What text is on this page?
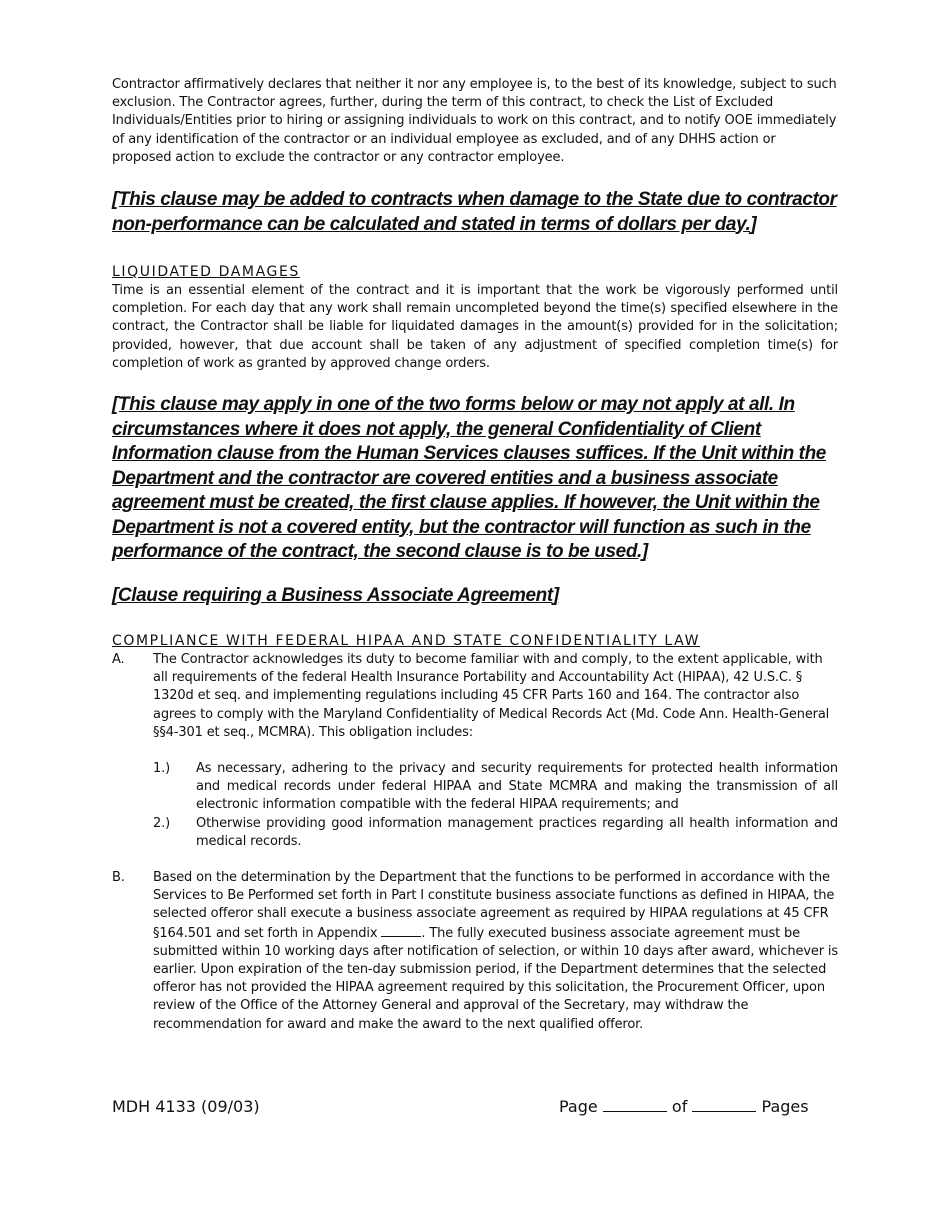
Contractor affirmatively declares that neither it nor any employee is, to the best of its knowledge, subject to such exclusion. The Contractor agrees, further, during the term of this contract, to check the List of Excluded Individuals/Entities prior to hiring or assigning individuals to work on this contract, and to notify OOE immediately of any identification of the contractor or an individual employee as excluded, and of any DHHS action or proposed action to exclude the contractor or any contractor employee.

[This clause may be added to contracts when damage to the State due to contractor non-performance can be calculated and stated in terms of dollars per day.]

LIQUIDATED DAMAGES

Time is an essential element of the contract and it is important that the work be vigorously performed until completion. For each day that any work shall remain uncompleted beyond the time(s) specified elsewhere in the contract, the Contractor shall be liable for liquidated damages in the amount(s) provided for in the solicitation; provided, however, that due account shall be taken of any adjustment of specified completion time(s) for completion of work as granted by approved change orders.

[This clause may apply in one of the two forms below or may not apply at all. In circumstances where it does not apply, the general Confidentiality of Client Information clause from the Human Services clauses suffices. If the Unit within the Department and the contractor are covered entities and a business associate agreement must be created, the first clause applies. If however, the Unit within the Department is not a covered entity, but the contractor will function as such in the performance of the contract, the second clause is to be used.]

[Clause requiring a Business Associate Agreement]

COMPLIANCE WITH FEDERAL HIPAA AND STATE CONFIDENTIALITY LAW

A. The Contractor acknowledges its duty to become familiar with and comply, to the extent applicable, with all requirements of the federal Health Insurance Portability and Accountability Act (HIPAA), 42 U.S.C. § 1320d et seq. and implementing regulations including 45 CFR Parts 160 and 164. The contractor also agrees to comply with the Maryland Confidentiality of Medical Records Act (Md. Code Ann. Health-General §§4-301 et seq., MCMRA). This obligation includes:
1.) As necessary, adhering to the privacy and security requirements for protected health information and medical records under federal HIPAA and State MCMRA and making the transmission of all electronic information compatible with the federal HIPAA requirements; and
2.) Otherwise providing good information management practices regarding all health information and medical records.
B. Based on the determination by the Department that the functions to be performed in accordance with the Services to Be Performed set forth in Part I constitute business associate functions as defined in HIPAA, the selected offeror shall execute a business associate agreement as required by HIPAA regulations at 45 CFR §164.501 and set forth in Appendix	. The fully executed business associate agreement must be submitted within 10 working days after notification of selection, or within 10 days after award, whichever is earlier. Upon expiration of the ten-day submission period, if the Department determines that the selected offeror has not provided the HIPAA agreement required by this solicitation, the Procurement Officer, upon review of the Office of the Attorney General and approval of the Secretary, may withdraw the recommendation for award and make the award to the next qualified offeror.
MDH 4133 (09/03)	Page	of	Pages
